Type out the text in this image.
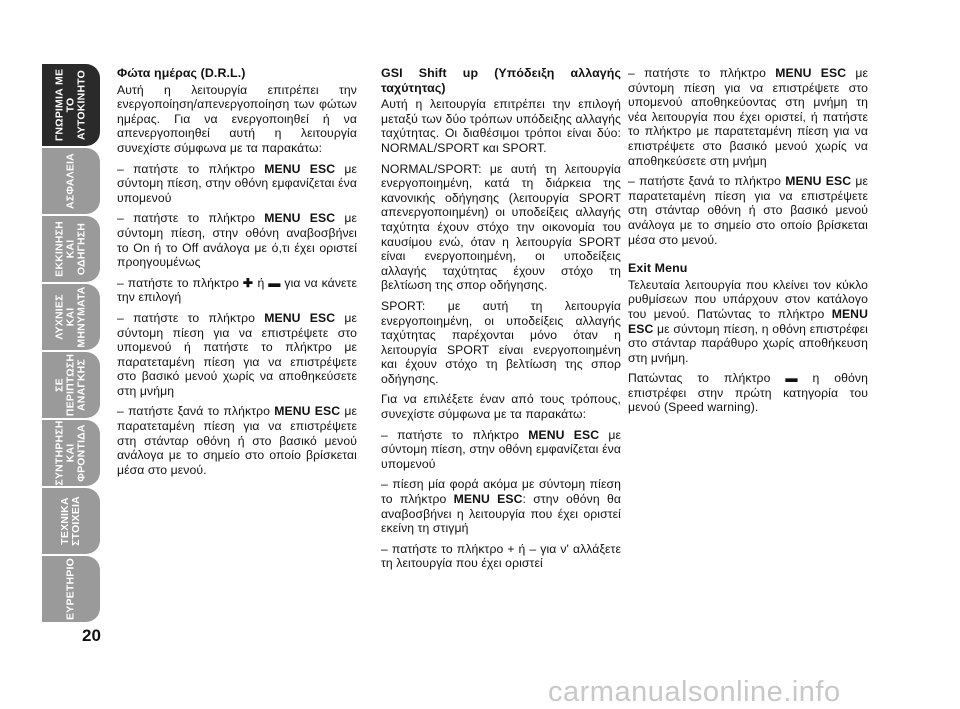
ΓΝΩΡΙΜΙΑ ΜΕ
ΤΟ
ΑΥΤΟΚΙΝΗΤΟ
ΑΣΦΑΛΕΙΑ
ΕΚΚΙΝΗΣΗ
ΚΑΙ
ΟΔΗΓΗΣΗ
ΛΥΧΝΙΕΣ
ΚΑΙ
ΜΗΝΥΜΑΤΑ
ΣΕ
ΠΕΡΙΠΤΩΣΗ
ΑΝΑΓΚΗΣ
ΣΥΝΤΗΡΗΣΗ
ΚΑΙ
ΦΡΟΝΤΙΔΑ
ΤΕΧΝΙΚΑ
ΣΤΟΙΧΕΙΑ
ΕΥΡΕΤΗΡΙΟ
20
Φώτα ημέρας (D.R.L.)

Αυτή η λειτουργία επιτρέπει την ενεργοποίηση/απενεργοποίηση των φώτων ημέρας. Για να ενεργοποιηθεί ή να απενεργοποιηθεί αυτή η λειτουργία συνεχίστε σύμφωνα με τα παρακάτω:

– πατήστε το πλήκτρο MENU ESC με σύντομη πίεση, στην οθόνη εμφανίζεται ένα υπομενού

– πατήστε το πλήκτρο MENU ESC με σύντομη πίεση, στην οθόνη αναβοσβήνει το On ή το Off ανάλογα με ό,τι έχει οριστεί προηγουμένως

– πατήστε το πλήκτρο ✚ ή ▬ για να κάνετε την επιλογή

– πατήστε το πλήκτρο MENU ESC με σύντομη πίεση για να επιστρέψετε στο υπομενού ή πατήστε το πλήκτρο με παρατεταμένη πίεση για να επιστρέψετε στο βασικό μενού χωρίς να αποθηκεύσετε στη μνήμη

– πατήστε ξανά το πλήκτρο MENU ESC με παρατεταμένη πίεση για να επιστρέψετε στη στάνταρ οθόνη ή στο βασικό μενού ανάλογα με το σημείο στο οποίο βρίσκεται μέσα στο μενού.

GSI Shift up (Υπόδειξη αλλαγής ταχύτητας)

Αυτή η λειτουργία επιτρέπει την επιλογή μεταξύ των δύο τρόπων υπόδειξης αλλαγής ταχύτητας. Οι διαθέσιμοι τρόποι είναι δύο: NORMAL/SPORT και SPORT.

NORMAL/SPORT: με αυτή τη λειτουργία ενεργοποιημένη, κατά τη διάρκεια της κανονικής οδήγησης (λειτουργία SPORT απενεργοποιημένη) οι υποδείξεις αλλαγής ταχύτητα έχουν στόχο την οικονομία του καυσίμου ενώ, όταν η λειτουργία SPORT είναι ενεργοποιημένη, οι υποδείξεις αλλαγής ταχύτητας έχουν στόχο τη βελτίωση της σπορ οδήγησης.

SPORT: με αυτή τη λειτουργία ενεργοποιημένη, οι υποδείξεις αλλαγής ταχύτητας παρέχονται μόνο όταν η λειτουργία SPORT είναι ενεργοποιημένη και έχουν στόχο τη βελτίωση της σπορ οδήγησης.

Για να επιλέξετε έναν από τους τρόπους, συνεχίστε σύμφωνα με τα παρακάτω:

– πατήστε το πλήκτρο MENU ESC με σύντομη πίεση, στην οθόνη εμφανίζεται ένα υπομενού

– πίεση μία φορά ακόμα με σύντομη πίεση το πλήκτρο MENU ESC: στην οθόνη θα αναβοσβήνει η λειτουργία που έχει οριστεί εκείνη τη στιγμή

– πατήστε το πλήκτρο + ή – για ν' αλλάξετε τη λειτουργία που έχει οριστεί

– πατήστε το πλήκτρο MENU ESC με σύντομη πίεση για να επιστρέψετε στο υπομενού αποθηκεύοντας στη μνήμη τη νέα λειτουργία που έχει οριστεί, ή πατήστε το πλήκτρο με παρατεταμένη πίεση για να επιστρέψετε στο βασικό μενού χωρίς να αποθηκεύσετε στη μνήμη

– πατήστε ξανά το πλήκτρο MENU ESC με παρατεταμένη πίεση για να επιστρέψετε στη στάνταρ οθόνη ή στο βασικό μενού ανάλογα με το σημείο στο οποίο βρίσκεται μέσα στο μενού.

Exit Menu

Τελευταία λειτουργία που κλείνει τον κύκλο ρυθμίσεων που υπάρχουν στον κατάλογο του μενού. Πατώντας το πλήκτρο MENU ESC με σύντομη πίεση, η οθόνη επιστρέφει στο στάνταρ παράθυρο χωρίς αποθήκευση στη μνήμη.

Πατώντας το πλήκτρο ▬ η οθόνη επιστρέφει στην πρώτη κατηγορία του μενού (Speed warning).

carmanualsonline.info
